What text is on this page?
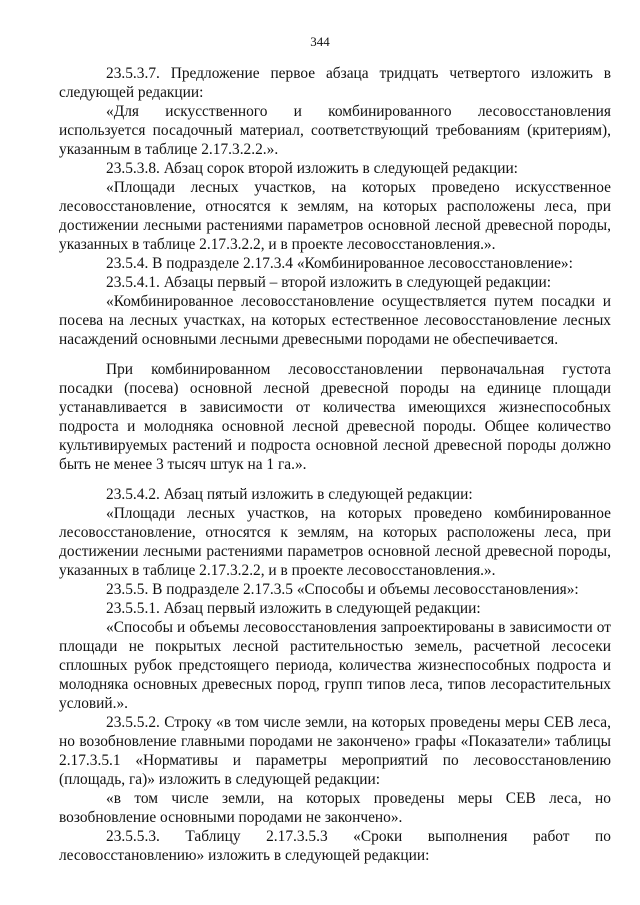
344

23.5.3.7. Предложение первое абзаца тридцать четвертого изложить в следующей редакции:

«Для искусственного и комбинированного лесовосстановления используется посадочный материал, соответствующий требованиям (критериям), указанным в таблице 2.17.3.2.2.».

23.5.3.8. Абзац сорок второй изложить в следующей редакции:

«Площади лесных участков, на которых проведено искусственное лесовосстановление, относятся к землям, на которых расположены леса, при достижении лесными растениями параметров основной лесной древесной породы, указанных в таблице 2.17.3.2.2, и в проекте лесовосстановления.».

23.5.4. В подразделе 2.17.3.4 «Комбинированное лесовосстановление»:

23.5.4.1. Абзацы первый – второй изложить в следующей редакции:

«Комбинированное лесовосстановление осуществляется путем посадки и посева на лесных участках, на которых естественное лесовосстановление лесных насаждений основными лесными древесными породами не обеспечивается.

При комбинированном лесовосстановлении первоначальная густота посадки (посева) основной лесной древесной породы на единице площади устанавливается в зависимости от количества имеющихся жизнеспособных подроста и молодняка основной лесной древесной породы. Общее количество культивируемых растений и подроста основной лесной древесной породы должно быть не менее 3 тысяч штук на 1 га.».

23.5.4.2. Абзац пятый изложить в следующей редакции:

«Площади лесных участков, на которых проведено комбинированное лесовосстановление, относятся к землям, на которых расположены леса, при достижении лесными растениями параметров основной лесной древесной породы, указанных в таблице 2.17.3.2.2, и в проекте лесовосстановления.».

23.5.5. В подразделе 2.17.3.5 «Способы и объемы лесовосстановления»:

23.5.5.1. Абзац первый изложить в следующей редакции:

«Способы и объемы лесовосстановления запроектированы в зависимости от площади не покрытых лесной растительностью земель, расчетной лесосеки сплошных рубок предстоящего периода, количества жизнеспособных подроста и молодняка основных древесных пород, групп типов леса, типов лесорастительных условий.».

23.5.5.2. Строку «в том числе земли, на которых проведены меры СЕВ леса, но возобновление главными породами не закончено» графы «Показатели» таблицы 2.17.3.5.1 «Нормативы и параметры мероприятий по лесовосстановлению (площадь, га)» изложить в следующей редакции:

«в том числе земли, на которых проведены меры СЕВ леса, но возобновление основными породами не закончено».

23.5.5.3. Таблицу 2.17.3.5.3 «Сроки выполнения работ по лесовосстановлению» изложить в следующей редакции:
